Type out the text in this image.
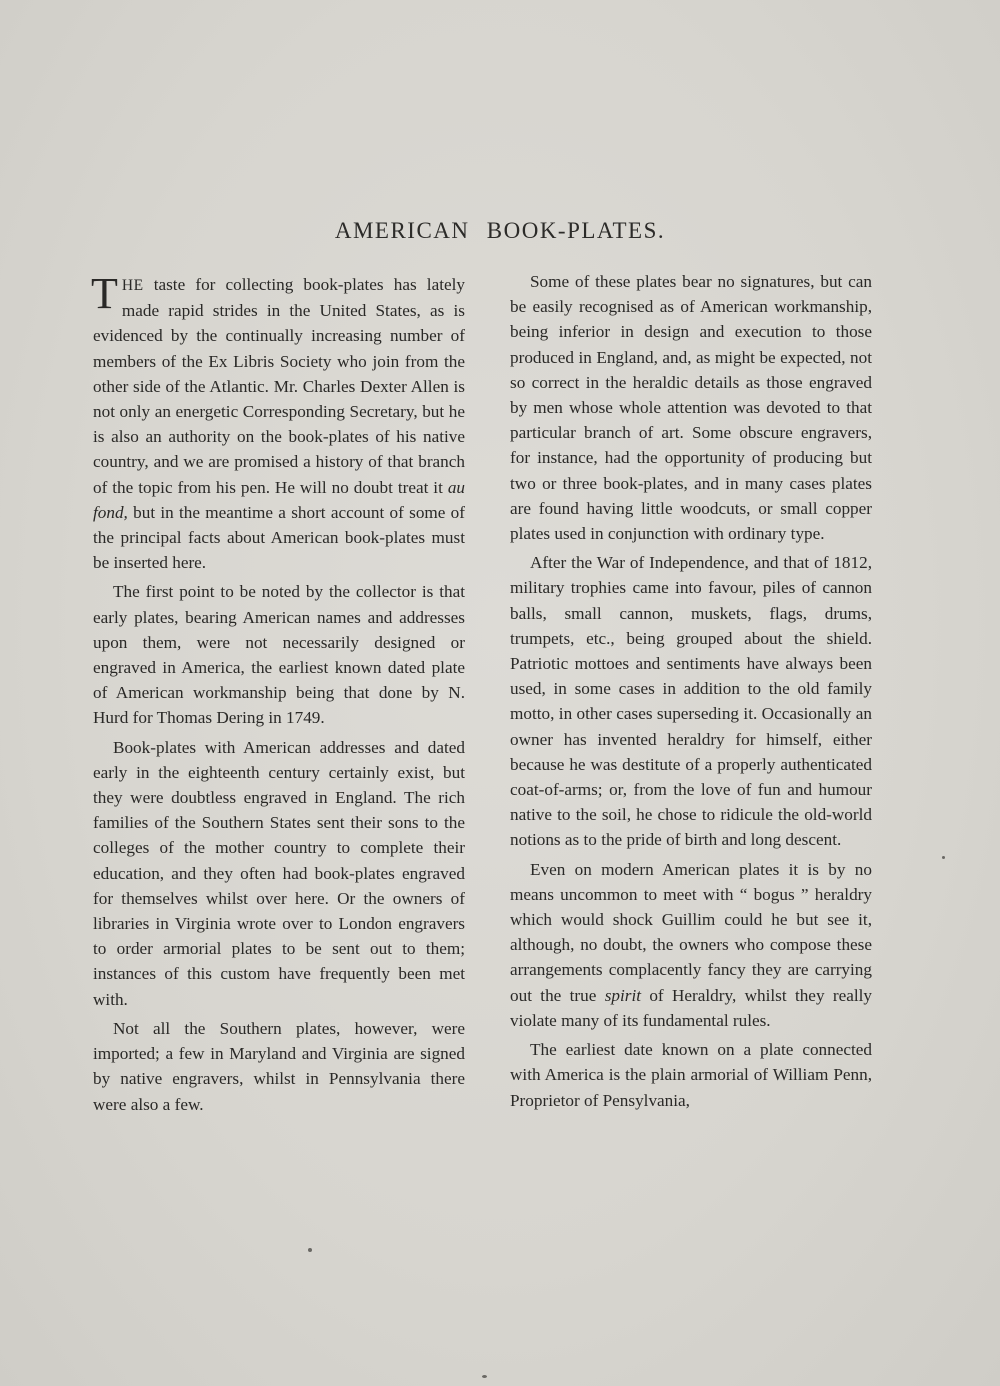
AMERICAN BOOK-PLATES.

THE taste for collecting book-plates has lately made rapid strides in the United States, as is evidenced by the continually increasing number of members of the Ex Libris Society who join from the other side of the Atlantic. Mr. Charles Dexter Allen is not only an energetic Corresponding Secretary, but he is also an authority on the book-plates of his native country, and we are promised a history of that branch of the topic from his pen. He will no doubt treat it au fond, but in the meantime a short account of some of the principal facts about American book-plates must be inserted here.

The first point to be noted by the collector is that early plates, bearing American names and addresses upon them, were not necessarily designed or engraved in America, the earliest known dated plate of American workmanship being that done by N. Hurd for Thomas Dering in 1749.

Book-plates with American addresses and dated early in the eighteenth century certainly exist, but they were doubtless engraved in England. The rich families of the Southern States sent their sons to the colleges of the mother country to complete their education, and they often had book-plates engraved for themselves whilst over here. Or the owners of libraries in Virginia wrote over to London engravers to order armorial plates to be sent out to them; instances of this custom have frequently been met with.

Not all the Southern plates, however, were imported; a few in Maryland and Virginia are signed by native engravers, whilst in Pennsylvania there were also a few.

Some of these plates bear no signatures, but can be easily recognised as of American workmanship, being inferior in design and execution to those produced in England, and, as might be expected, not so correct in the heraldic details as those engraved by men whose whole attention was devoted to that particular branch of art. Some obscure engravers, for instance, had the opportunity of producing but two or three book-plates, and in many cases plates are found having little woodcuts, or small copper plates used in conjunction with ordinary type.

After the War of Independence, and that of 1812, military trophies came into favour, piles of cannon balls, small cannon, muskets, flags, drums, trumpets, etc., being grouped about the shield. Patriotic mottoes and sentiments have always been used, in some cases in addition to the old family motto, in other cases superseding it. Occasionally an owner has invented heraldry for himself, either because he was destitute of a properly authenticated coat-of-arms; or, from the love of fun and humour native to the soil, he chose to ridicule the old-world notions as to the pride of birth and long descent.

Even on modern American plates it is by no means uncommon to meet with “ bogus ” heraldry which would shock Guillim could he but see it, although, no doubt, the owners who compose these arrangements complacently fancy they are carrying out the true spirit of Heraldry, whilst they really violate many of its fundamental rules.

The earliest date known on a plate connected with America is the plain armorial of William Penn, Proprietor of Pensylvania,
